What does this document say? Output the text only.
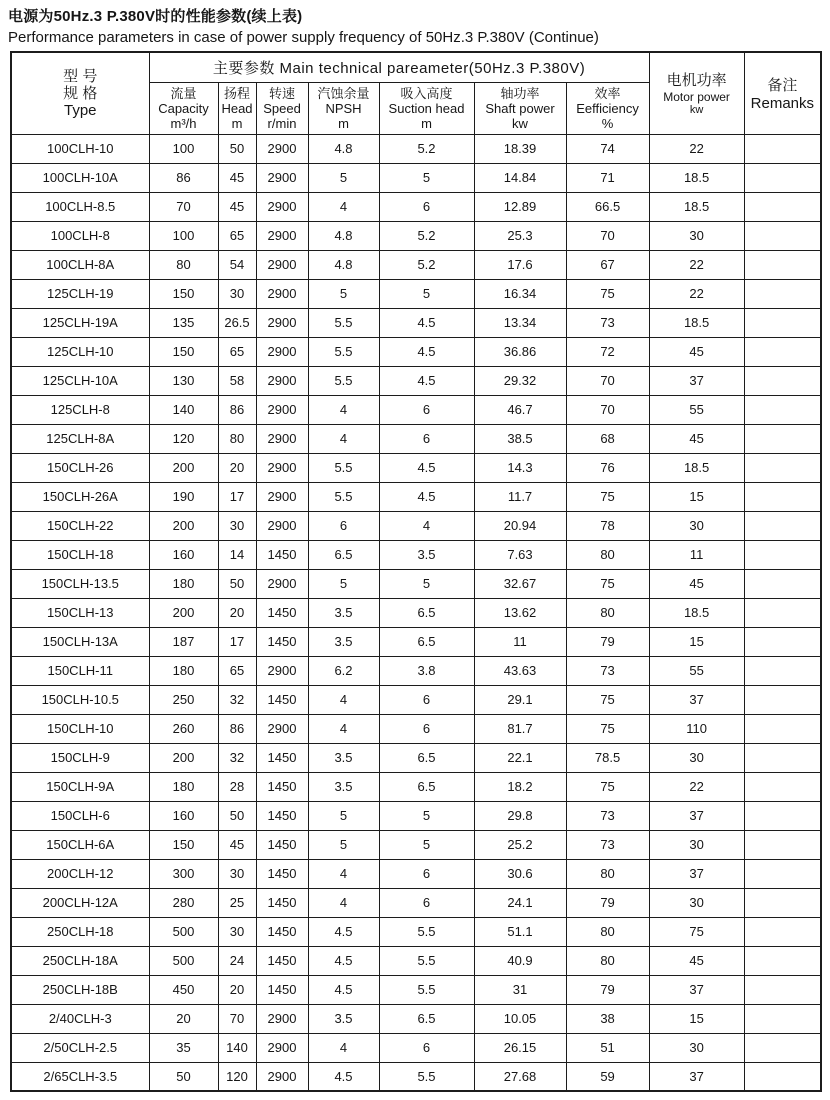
电源为50Hz.3 P.380V时的性能参数(续上表)
Performance parameters in case of power supply frequency of 50Hz.3 P.380V (Continue)
型 号
规 格
Type	主要参数 Main technical pareameter(50Hz.3 P.380V)							电机功率
Motor power
kw	备注
Remanks

	流量
Capacity
m³/h	扬程
Head
m	转速
Speed
r/min	汽蚀余量
NPSH
m	吸入高度
Suction head
m	轴功率
Shaft power
kw	效率
Eefficiency
%		

100CLH-10	100	50	2900	4.8	5.2	18.39	74	22	
100CLH-10A	86	45	2900	5	5	14.84	71	18.5	
100CLH-8.5	70	45	2900	4	6	12.89	66.5	18.5	
100CLH-8	100	65	2900	4.8	5.2	25.3	70	30	
100CLH-8A	80	54	2900	4.8	5.2	17.6	67	22	
125CLH-19	150	30	2900	5	5	16.34	75	22	
125CLH-19A	135	26.5	2900	5.5	4.5	13.34	73	18.5	
125CLH-10	150	65	2900	5.5	4.5	36.86	72	45	
125CLH-10A	130	58	2900	5.5	4.5	29.32	70	37	
125CLH-8	140	86	2900	4	6	46.7	70	55	
125CLH-8A	120	80	2900	4	6	38.5	68	45	
150CLH-26	200	20	2900	5.5	4.5	14.3	76	18.5	
150CLH-26A	190	17	2900	5.5	4.5	11.7	75	15	
150CLH-22	200	30	2900	6	4	20.94	78	30	
150CLH-18	160	14	1450	6.5	3.5	7.63	80	11	
150CLH-13.5	180	50	2900	5	5	32.67	75	45	
150CLH-13	200	20	1450	3.5	6.5	13.62	80	18.5	
150CLH-13A	187	17	1450	3.5	6.5	11	79	15	
150CLH-11	180	65	2900	6.2	3.8	43.63	73	55	
150CLH-10.5	250	32	1450	4	6	29.1	75	37	
150CLH-10	260	86	2900	4	6	81.7	75	110	
150CLH-9	200	32	1450	3.5	6.5	22.1	78.5	30	
150CLH-9A	180	28	1450	3.5	6.5	18.2	75	22	
150CLH-6	160	50	1450	5	5	29.8	73	37	
150CLH-6A	150	45	1450	5	5	25.2	73	30	
200CLH-12	300	30	1450	4	6	30.6	80	37	
200CLH-12A	280	25	1450	4	6	24.1	79	30	
250CLH-18	500	30	1450	4.5	5.5	51.1	80	75	
250CLH-18A	500	24	1450	4.5	5.5	40.9	80	45	
250CLH-18B	450	20	1450	4.5	5.5	31	79	37	
2/40CLH-3	20	70	2900	3.5	6.5	10.05	38	15	
2/50CLH-2.5	35	140	2900	4	6	26.15	51	30	
2/65CLH-3.5	50	120	2900	4.5	5.5	27.68	59	37	
